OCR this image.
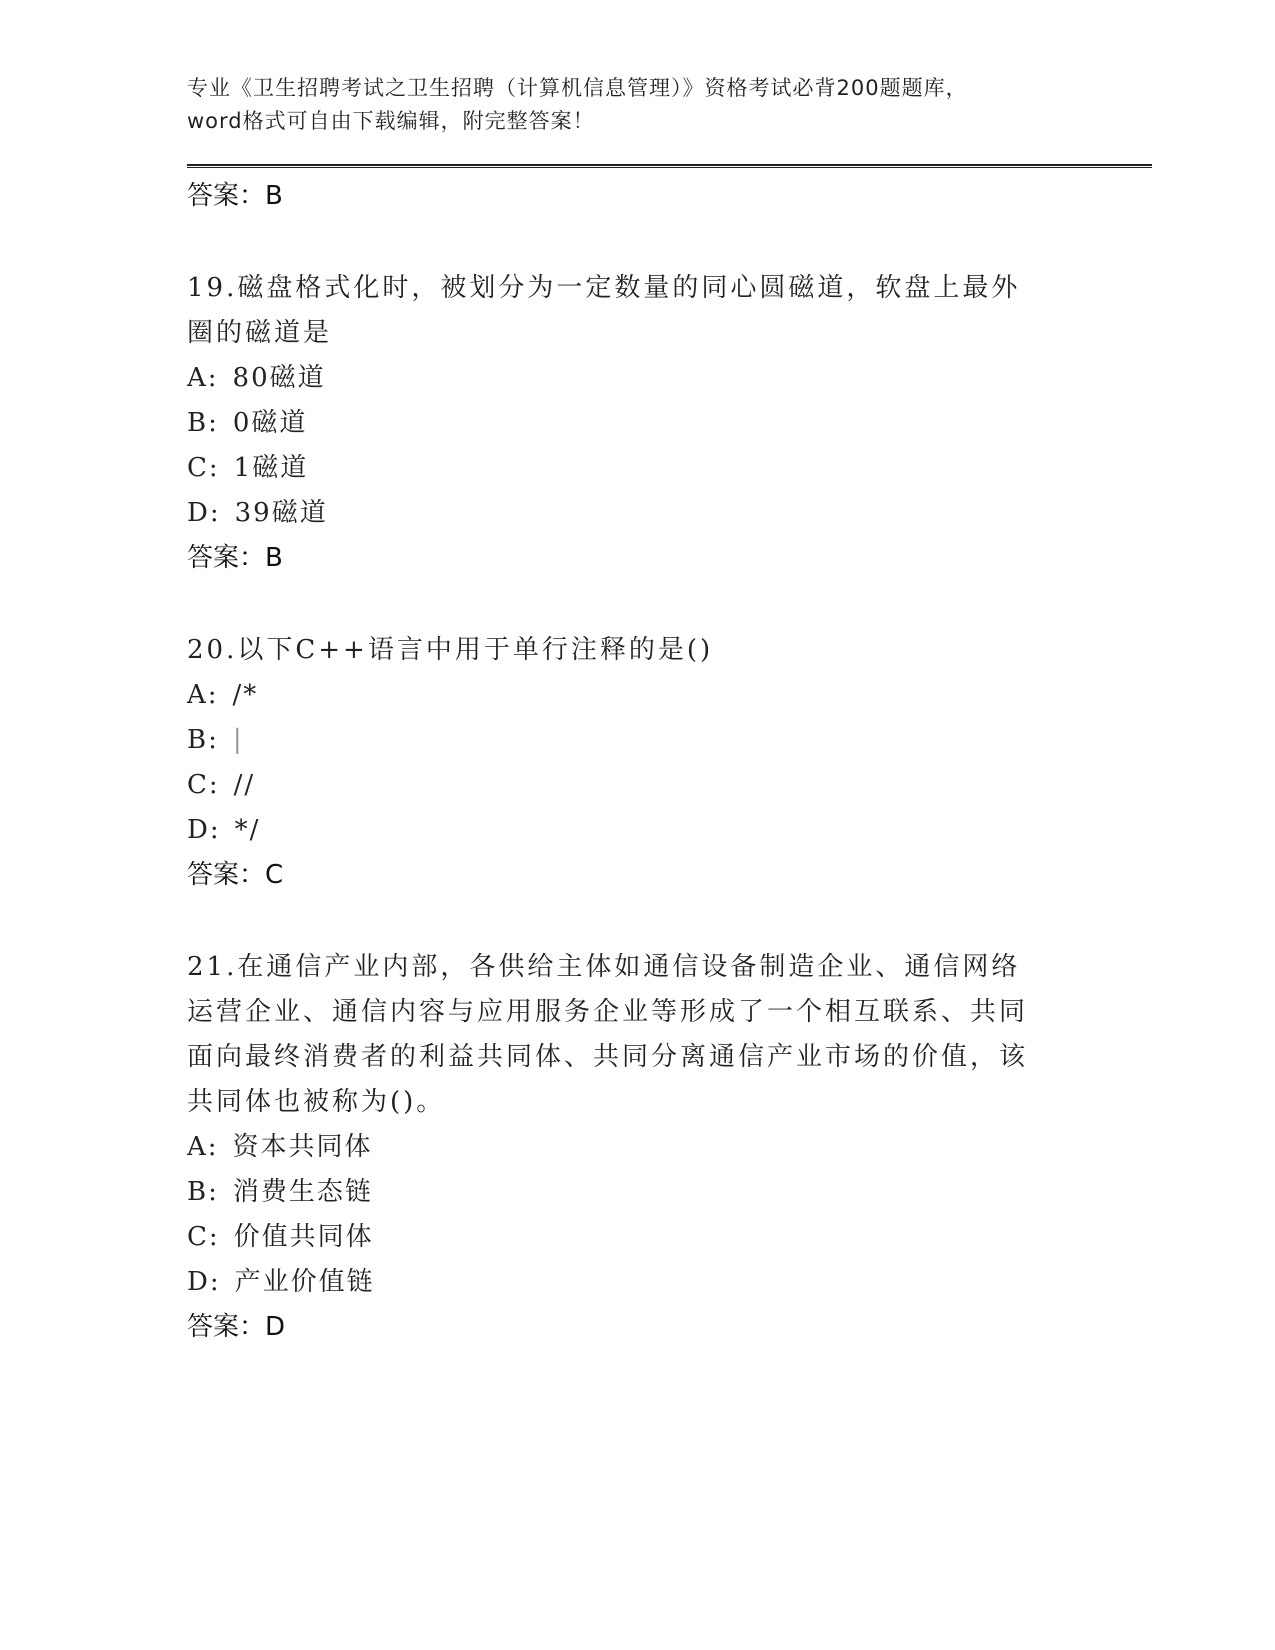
专业《卫生招聘考试之卫生招聘（计算机信息管理）》资格考试必背200题题库，
word格式可自由下载编辑，附完整答案！

答案：B

19.磁盘格式化时，被划分为一定数量的同心圆磁道，软盘上最外圈的磁道是

A: 80磁道

B: 0磁道

C: 1磁道

D: 39磁道

答案：B

20.以下C++语言中用于单行注释的是()

A: /*

B: |

C: //

D: */

答案：C

21.在通信产业内部，各供给主体如通信设备制造企业、通信网络运营企业、通信内容与应用服务企业等形成了一个相互联系、共同面向最终消费者的利益共同体、共同分离通信产业市场的价值，该共同体也被称为()。

A: 资本共同体

B: 消费生态链

C: 价值共同体

D: 产业价值链

答案：D
